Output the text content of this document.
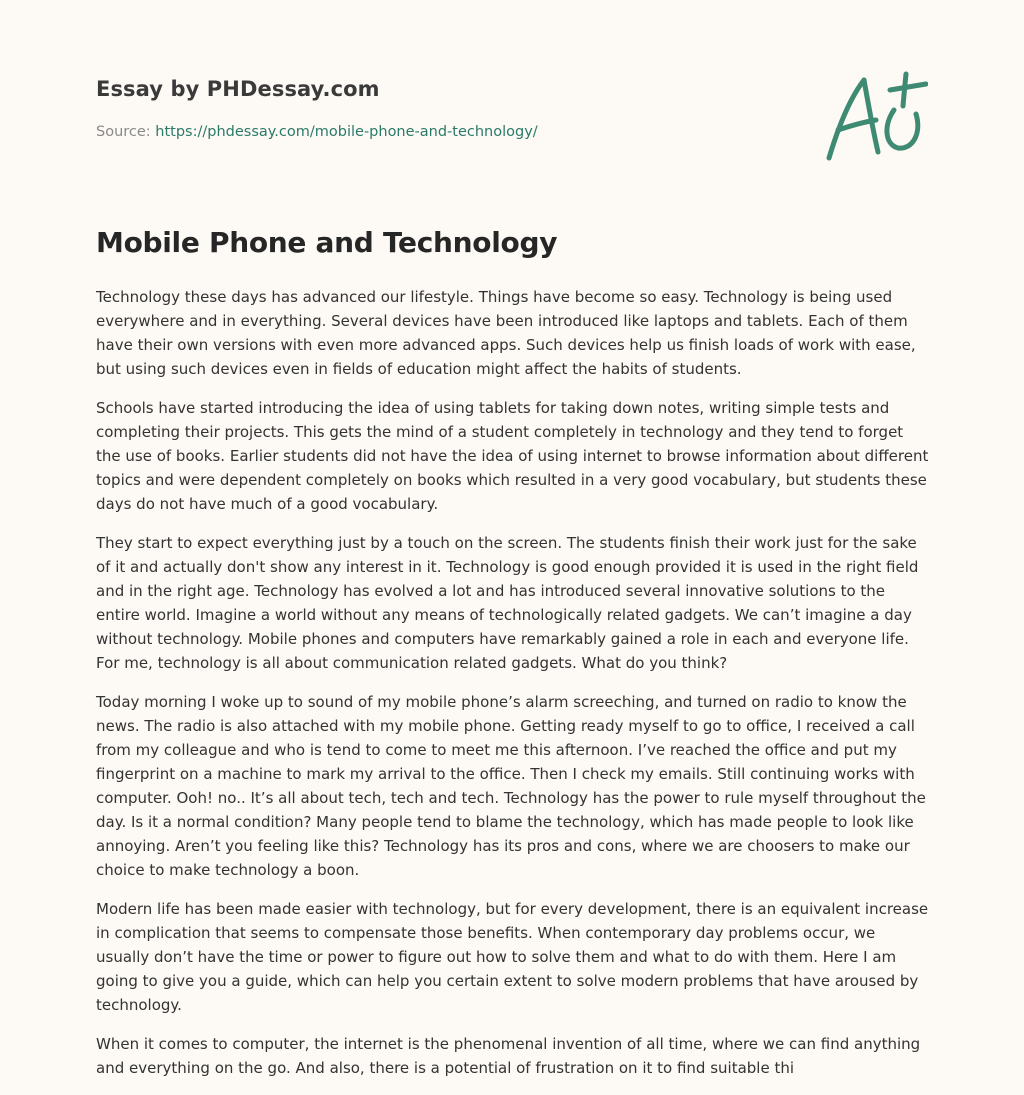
Essay by PHDessay.com
Source: https://phdessay.com/mobile-phone-and-technology/
Mobile Phone and Technology

Technology these days has advanced our lifestyle. Things have become so easy. Technology is being used everywhere and in everything. Several devices have been introduced like laptops and tablets. Each of them have their own versions with even more advanced apps. Such devices help us finish loads of work with ease, but using such devices even in fields of education might affect the habits of students.

Schools have started introducing the idea of using tablets for taking down notes, writing simple tests and completing their projects. This gets the mind of a student completely in technology and they tend to forget the use of books. Earlier students did not have the idea of using internet to browse information about different topics and were dependent completely on books which resulted in a very good vocabulary, but students these days do not have much of a good vocabulary.

They start to expect everything just by a touch on the screen. The students finish their work just for the sake of it and actually don't show any interest in it. Technology is good enough provided it is used in the right field and in the right age. Technology has evolved a lot and has introduced several innovative solutions to the entire world. Imagine a world without any means of technologically related gadgets. We can’t imagine a day without technology. Mobile phones and computers have remarkably gained a role in each and everyone life. For me, technology is all about communication related gadgets. What do you think?

Today morning I woke up to sound of my mobile phone’s alarm screeching, and turned on radio to know the news. The radio is also attached with my mobile phone. Getting ready myself to go to office, I received a call from my colleague and who is tend to come to meet me this afternoon. I’ve reached the office and put my fingerprint on a machine to mark my arrival to the office. Then I check my emails. Still continuing works with computer. Ooh! no.. It’s all about tech, tech and tech. Technology has the power to rule myself throughout the day. Is it a normal condition? Many people tend to blame the technology, which has made people to look like annoying. Aren’t you feeling like this? Technology has its pros and cons, where we are choosers to make our choice to make technology a boon.

Modern life has been made easier with technology, but for every development, there is an equivalent increase in complication that seems to compensate those benefits. When contemporary day problems occur, we usually don’t have the time or power to figure out how to solve them and what to do with them. Here I am going to give you a guide, which can help you certain extent to solve modern problems that have aroused by technology.

When it comes to computer, the internet is the phenomenal invention of all time, where we can find anything and everything on the go. And also, there is a potential of frustration on it to find suitable thi
